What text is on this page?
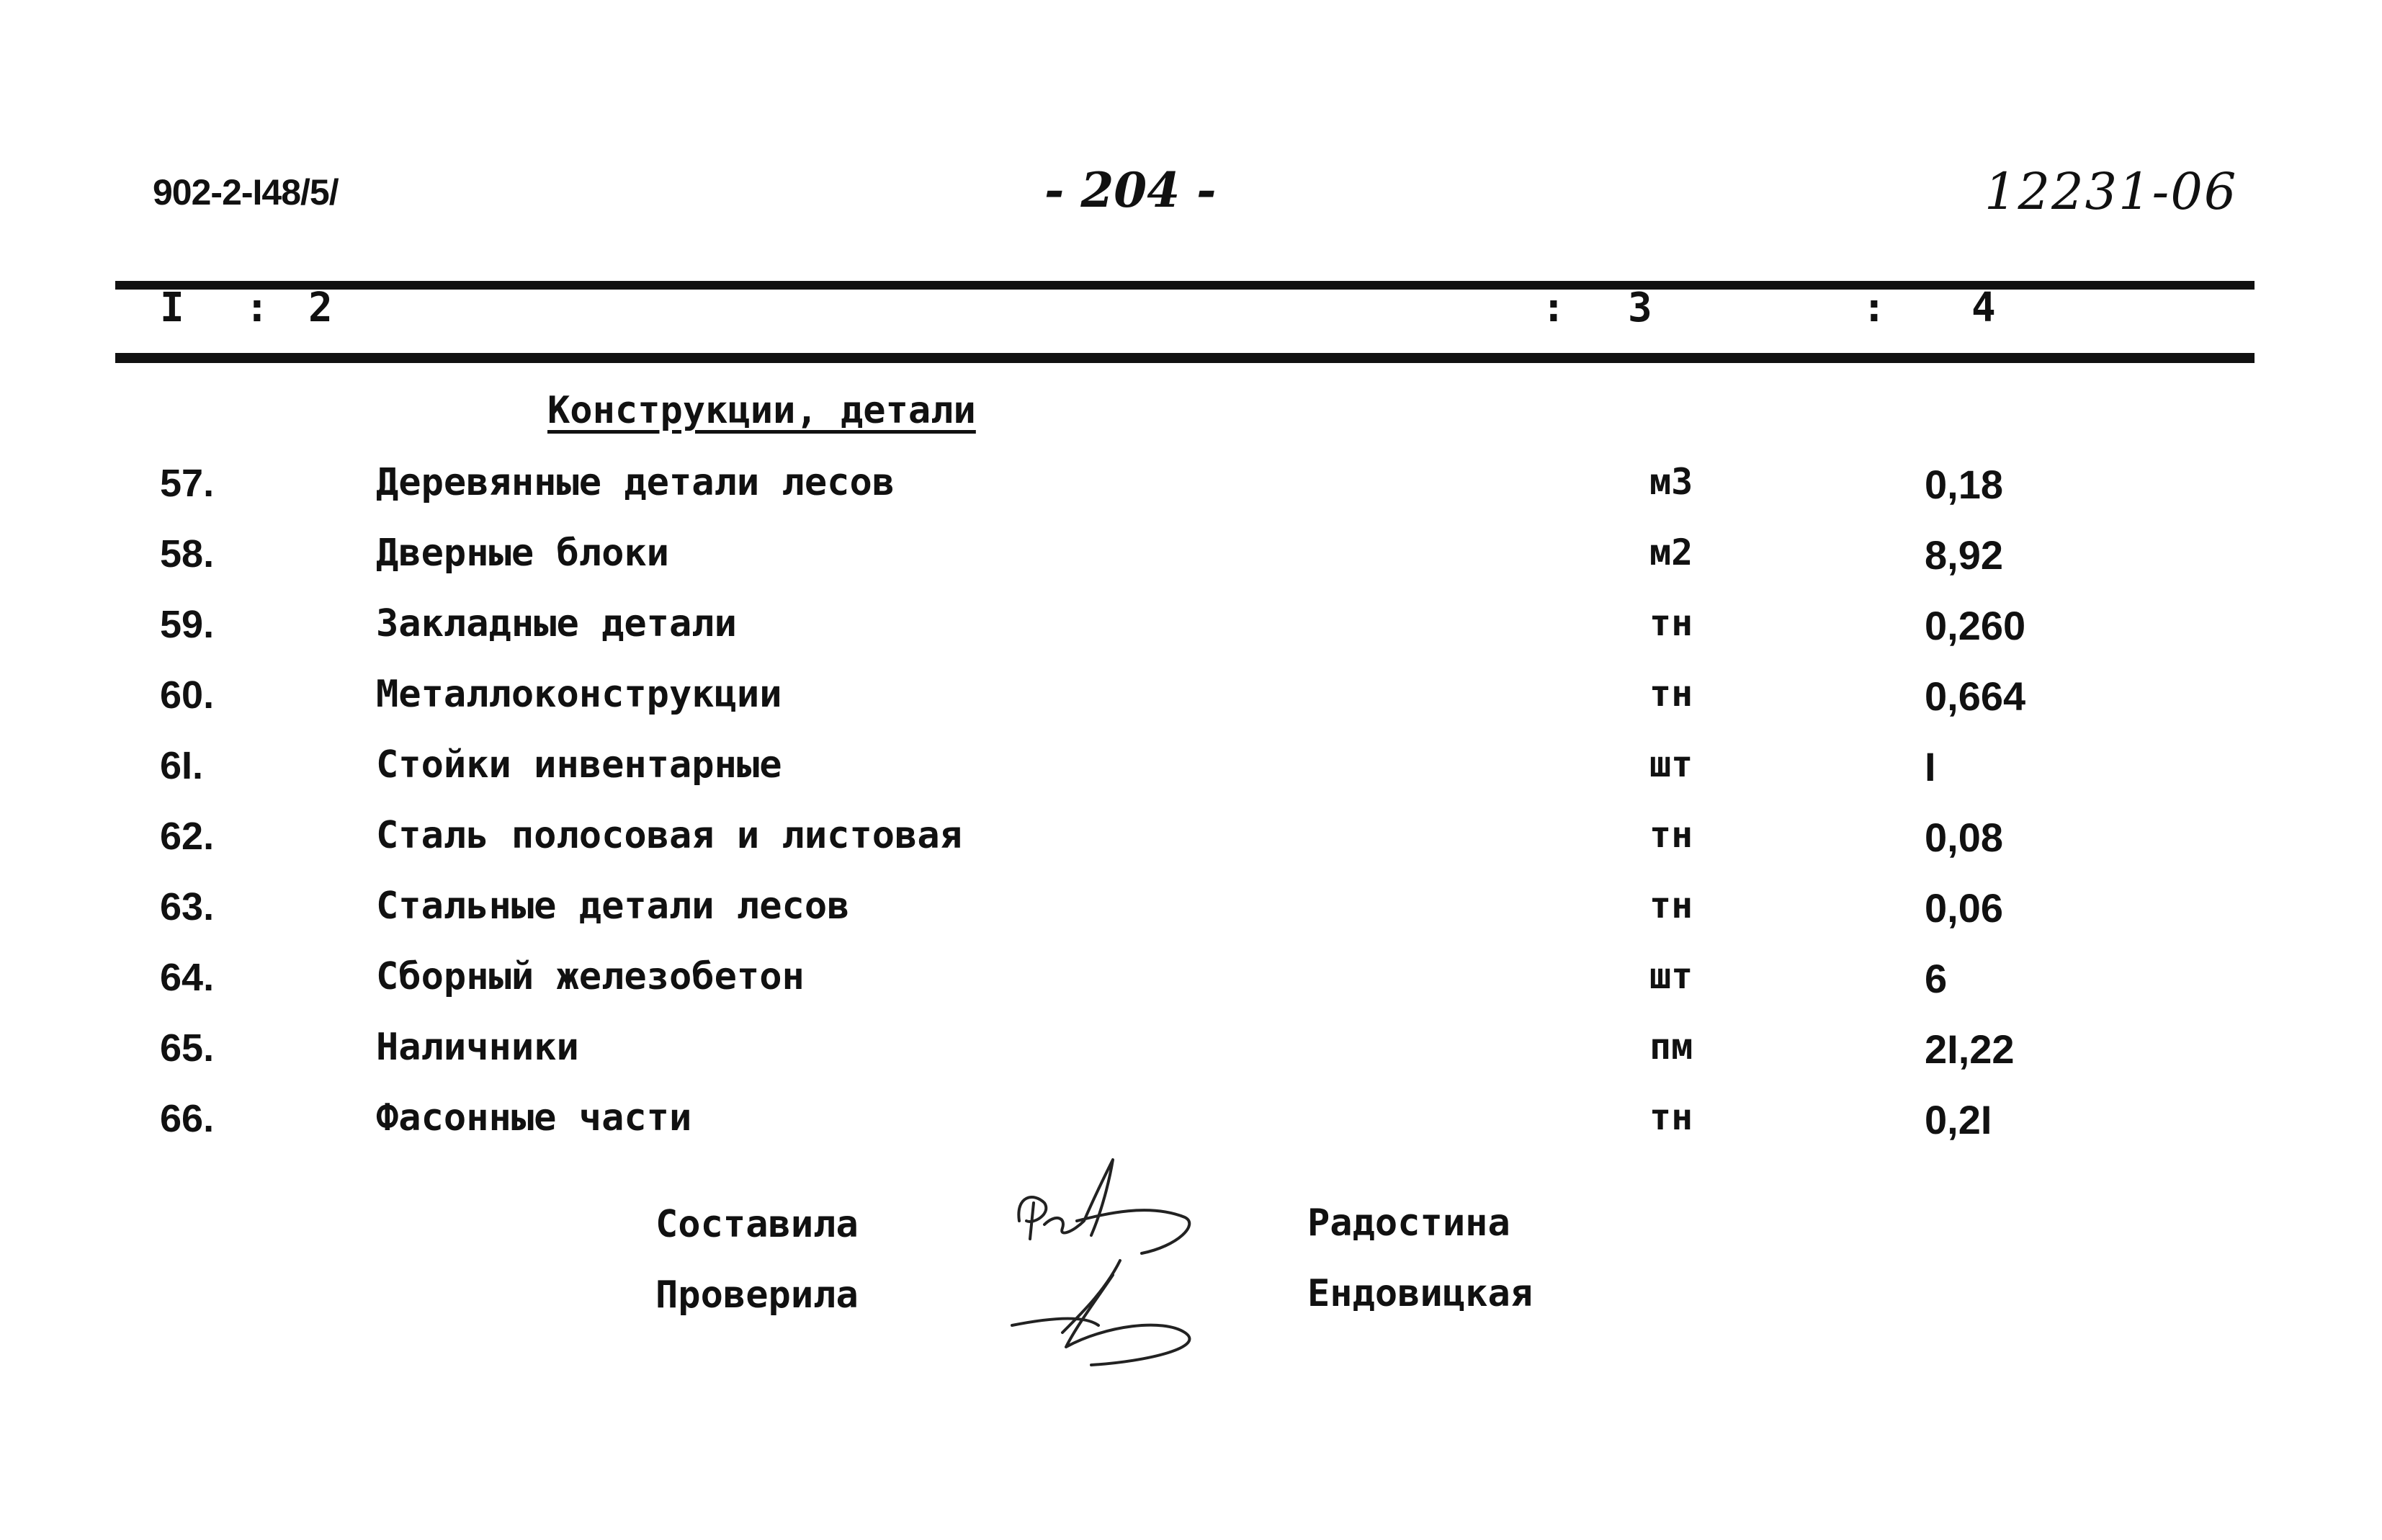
902-2-I48/5/	- 204 -	12231-06
I : 2	: 3	: 4
Конструкции, детали
57.	Деревянные детали лесов	м3	0,18
58.	Дверные блоки	м2	8,92
59.	Закладные детали	тн	0,260
60.	Металлоконструкции	тн	0,664
6I.	Стойки инвентарные	шт	I
62.	Сталь полосовая и листовая	тн	0,08
63.	Стальные детали лесов	тн	0,06
64.	Сборный железобетон	шт	6
65.	Наличники	пм	2I,22
66.	Фасонные части	тн	0,2I
Составила
Проверила
Радостина
Ендовицкая
